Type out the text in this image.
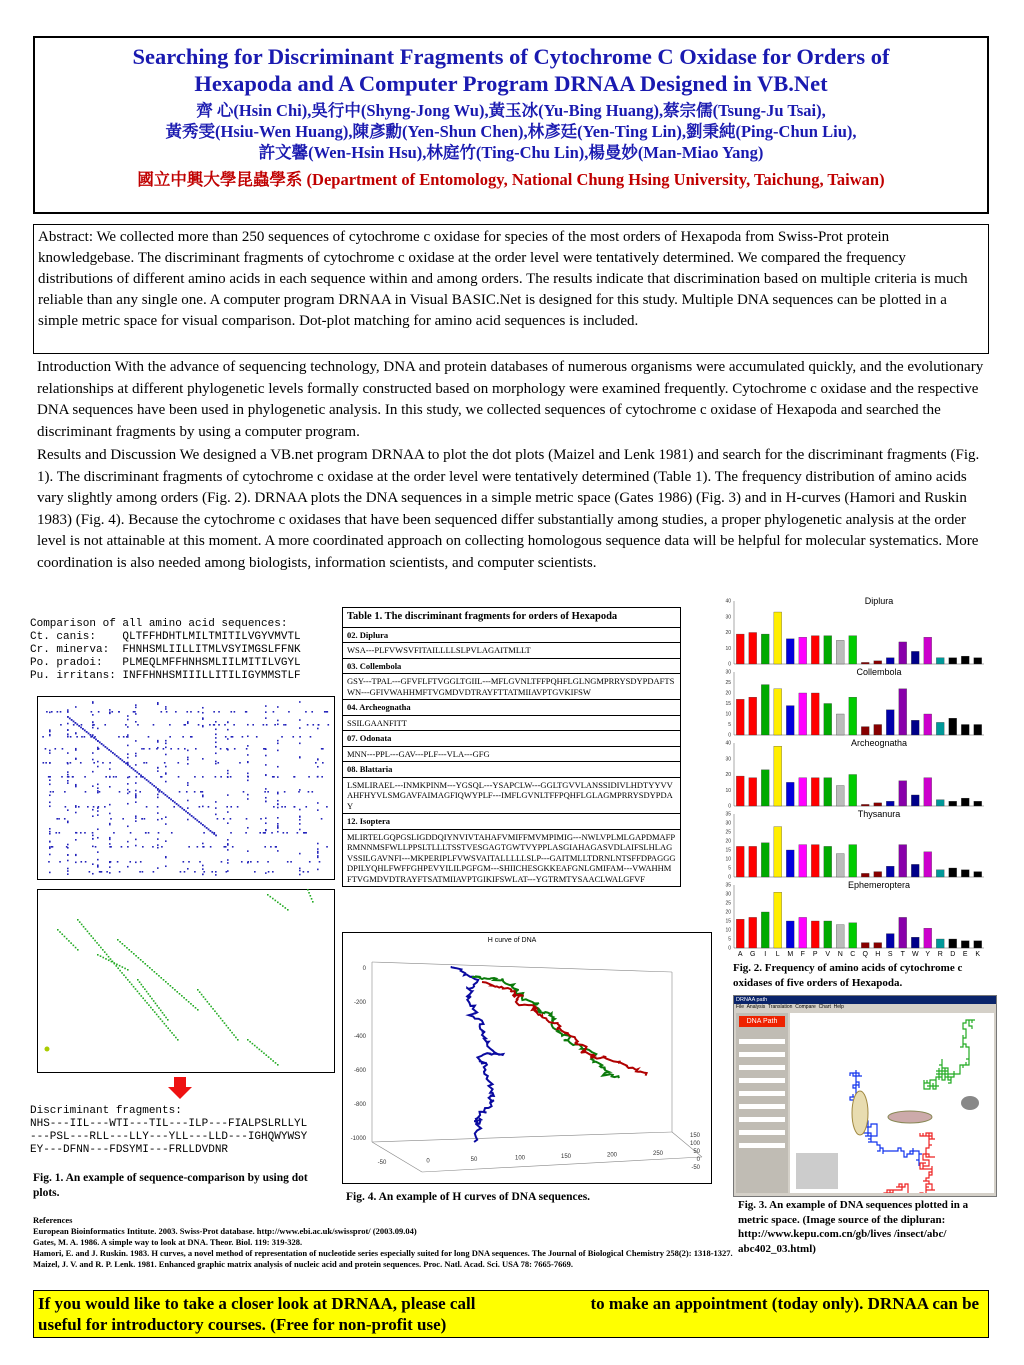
Searching for Discriminant Fragments of Cytochrome C Oxidase for Orders of
Hexapoda and A Computer Program DRNAA Designed in VB.Net
齊 心(Hsin Chi),吳行中(Shyng-Jong Wu),黃玉冰(Yu-Bing Huang),蔡宗儒(Tsung-Ju Tsai),
黃秀雯(Hsiu-Wen Huang),陳彥勳(Yen-Shun Chen),林彥廷(Yen-Ting Lin),劉秉純(Ping-Chun Liu),
許文馨(Wen-Hsin Hsu),林庭竹(Ting-Chu Lin),楊曼妙(Man-Miao Yang)
國立中興大學昆蟲學系 (Department of Entomology, National Chung Hsing University, Taichung, Taiwan)
Abstract: We collected more than 250 sequences of cytochrome c oxidase for species of the most orders of Hexapoda from Swiss-Prot protein knowledgebase. The discriminant fragments of cytochrome c oxidase at the order level were tentatively determined. We compared the frequency distributions of different amino acids in each sequence within and among orders. The results indicate that discrimination based on multiple criteria is much reliable than any single one. A computer program DRNAA in Visual BASIC.Net is designed for this study. Multiple DNA sequences can be plotted in a simple metric space for visual comparison. Dot-plot matching for amino acid sequences is included.
Introduction With the advance of sequencing technology, DNA and protein databases of numerous organisms were accumulated quickly, and the evolutionary relationships at different phylogenetic levels formally constructed based on morphology were examined frequently. Cytochrome c oxidase and the respective DNA sequences have been used in phylogenetic analysis. In this study, we collected sequences of cytochrome c oxidase of Hexapoda and searched the discriminant fragments by using a computer program.
Results and Discussion We designed a VB.net program DRNAA to plot the dot plots (Maizel and Lenk 1981) and search for the discriminant fragments (Fig. 1). The discriminant fragments of cytochrome c oxidase at the order level were tentatively determined (Table 1). The frequency distribution of amino acids vary slightly among orders (Fig. 2). DRNAA plots the DNA sequences in a simple metric space (Gates 1986) (Fig. 3) and in H-curves (Hamori and Ruskin 1983) (Fig. 4). Because the cytochrome c oxidases that have been sequenced differ substantially among studies, a proper phylogenetic analysis at the order level is not attainable at this moment. A more coordinated approach on collecting homologous sequence data will be helpful for molecular systematics. More coordination is also needed among biologists, information scientists, and computer scientists.
Comparison of all amino acid sequences:
Ct. canis:    QLTFFHDHTLMILTMITILVGYVMVTL
Cr. minerva:  FHNHSMLIILLITMLVSYIMGSLFFNK
Po. pradoi:   PLMEQLMFFHNHSMLIILMITILVGYL
Pu. irritans: INFFHNHSMIIILLITILIGYMMSTLF
Discriminant fragments:
NHS---IIL---WTI---TIL---ILP---FIALPSLRLLYL
---PSL---RLL---LLY---YLL---LLD---IGHQWYWSY
EY---DFNN---FDSYMI---FRLLDVDNR
Fig. 1. An example of sequence-comparison by using dot plots.
Table 1. The discriminant fragments for orders of Hexapoda
02. Diplura
WSA---PLFVWSVFITAILLLLSLPVLAGAITMLLT
03. Collembola
GSY---TPAL---GFVFLFTVGGLTGIIL---MFLGVNLTFFPQHFLGLNGMPRRYSDYPDAFTSWN---GFIVWAHHMFTVGMDVDTRAYFTTATMIIAVPTGVKIFSW
04. Archeognatha
SSILGAANFITT
07. Odonata
MNN---PPL---GAV---PLF---VLA---GFG
08. Blattaria
LSMLIRAEL---INMKPINM---YGSQL---YSAPCLW---GGLTGVVLANSSIDIVLHDTYYVVAHFHYVLSMGAVFAIMAGFIQWYPLF---IMFLGVNLTFFPQHFLGLAGMPRRYSDYPDAY
12. Isoptera
MLIRTELGQPGSLIGDDQIYNVIVTAHAFVMIFFMVMPIMIG---NWLVPLMLGAPDMAFPRMNNMSFWLLPPSLTLLLTSSTVESGAGTGWTVYPPLASGIAHAGASVDLAIFSLHLAGVSSILGAVNFI---MKPERIPLFVWSVAITALLLLLSLP---GAITMLLTDRNLNTSFFDPAGGGDPILYQHLFWFFGHPEVYILILPGFGM---SHIICHESGKKEAFGNLGMIFAM---VWAHHMFTVGMDVDTRAYFTSATMIIAVPTGIKIFSWLAT---YGTRMTYSAACLWALGFVF
H curve of DNA
0
-200
-400
-600
-800
-1000
-50	0	50	100	150	200	250
150
100
50
0
-50
Fig. 4. An example of H curves of DNA sequences.
0
10
20
30
40	Diplura
0
5
10
15
20
25
30	Collembola
0
10
20
30
40	Archeognatha
0
5
10
15
20
25
30
35	Thysanura
0
5
10
15
20
25
30
35	Ephemeroptera
A G I L M F P V N C Q H S T W Y R D E K
Fig. 2. Frequency of amino acids of cytochrome c oxidases of five orders of Hexapoda.
DRNAA path
File Analysis Translation Compare Chart Help
DNA Path
Fig. 3. An example of DNA sequences plotted in a metric space. (Image source of the dipluran: http://www.kepu.com.cn/gb/lives /insect/abc/ abc402_03.html)
References
European Bioinformatics Intitute. 2003. Swiss-Prot database. http://www.ebi.ac.uk/swissprot/ (2003.09.04)
Gates, M. A. 1986. A simple way to look at DNA. Theor. Biol. 119: 319-328.
Hamori, E. and J. Ruskin. 1983. H curves, a novel method of representation of nucleotide series especially suited for long DNA sequences. The Journal of Biological Chemistry 258(2): 1318-1327.
Maizel, J. V. and R. P. Lenk. 1981. Enhanced graphic matrix analysis of nucleic acid and protein sequences. Proc. Natl. Acad. Sci. USA 78: 7665-7669.
If you would like to take a closer look at DRNAA, please call	to make an appointment (today only). DRNAA can be useful for introductory courses. (Free for non-profit use)
